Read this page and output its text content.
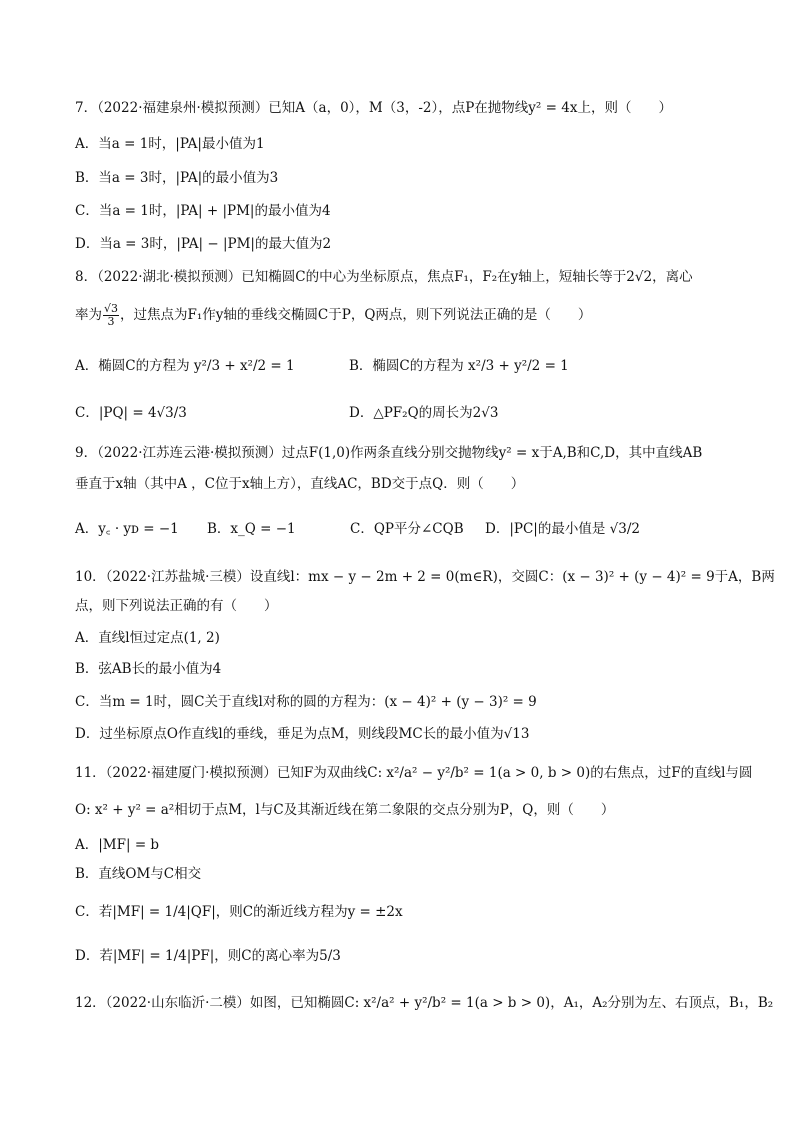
7．（2022·福建泉州·模拟预测）已知A（a，0），M（3，-2），点P在抛物线y² = 4x上，则（　　）
A．当a = 1时，|PA|最小值为1
B．当a = 3时，|PA|的最小值为3
C．当a = 1时，|PA| + |PM|的最小值为4
D．当a = 3时，|PA| − |PM|的最大值为2
8．（2022·湖北·模拟预测）已知椭圆C的中心为坐标原点，焦点F₁，F₂在y轴上，短轴长等于2√2，离心
率为 $\frac{√3}{3}$ ，过焦点为F₁作y轴的垂线交椭圆C于P，Q两点，则下列说法正确的是（　　）
A．椭圆C的方程为 y²/3 + x²/2 = 1	B．椭圆C的方程为 x²/3 + y²/2 = 1
C．|PQ| = 4√3/3	D．△PF₂Q的周长为2√3
9．（2022·江苏连云港·模拟预测）过点F(1,0)作两条直线分别交抛物线y² = x于A,B和C,D，其中直线AB
垂直于x轴（其中A ，C位于x轴上方），直线AC，BD交于点Q．则（　　）
A．y꜀ · yᴅ = −1 B．x_Q = −1	C．QP平分∠CQB D．|PC|的最小值是 √3/2
10．（2022·江苏盐城·三模）设直线l：mx − y − 2m + 2 = 0(m∈R)，交圆C：(x − 3)² + (y − 4)² = 9于A，B两
点，则下列说法正确的有（　　）
A．直线l恒过定点(1, 2)
B．弦AB长的最小值为4
C．当m = 1时，圆C关于直线l对称的圆的方程为：(x − 4)² + (y − 3)² = 9
D．过坐标原点O作直线l的垂线，垂足为点M，则线段MC长的最小值为√13
11．（2022·福建厦门·模拟预测）已知F为双曲线C: x²/a² − y²/b² = 1(a > 0, b > 0)的右焦点，过F的直线l与圆
O: x² + y² = a²相切于点M，l与C及其渐近线在第二象限的交点分别为P，Q，则（　　）
A．|MF| = b
B．直线OM与C相交
C．若|MF| = 1/4|QF|，则C的渐近线方程为y = ±2x
D．若|MF| = 1/4|PF|，则C的离心率为5/3
12．（2022·山东临沂·二模）如图，已知椭圆C: x²/a² + y²/b² = 1(a > b > 0)，A₁，A₂分别为左、右顶点，B₁，B₂
